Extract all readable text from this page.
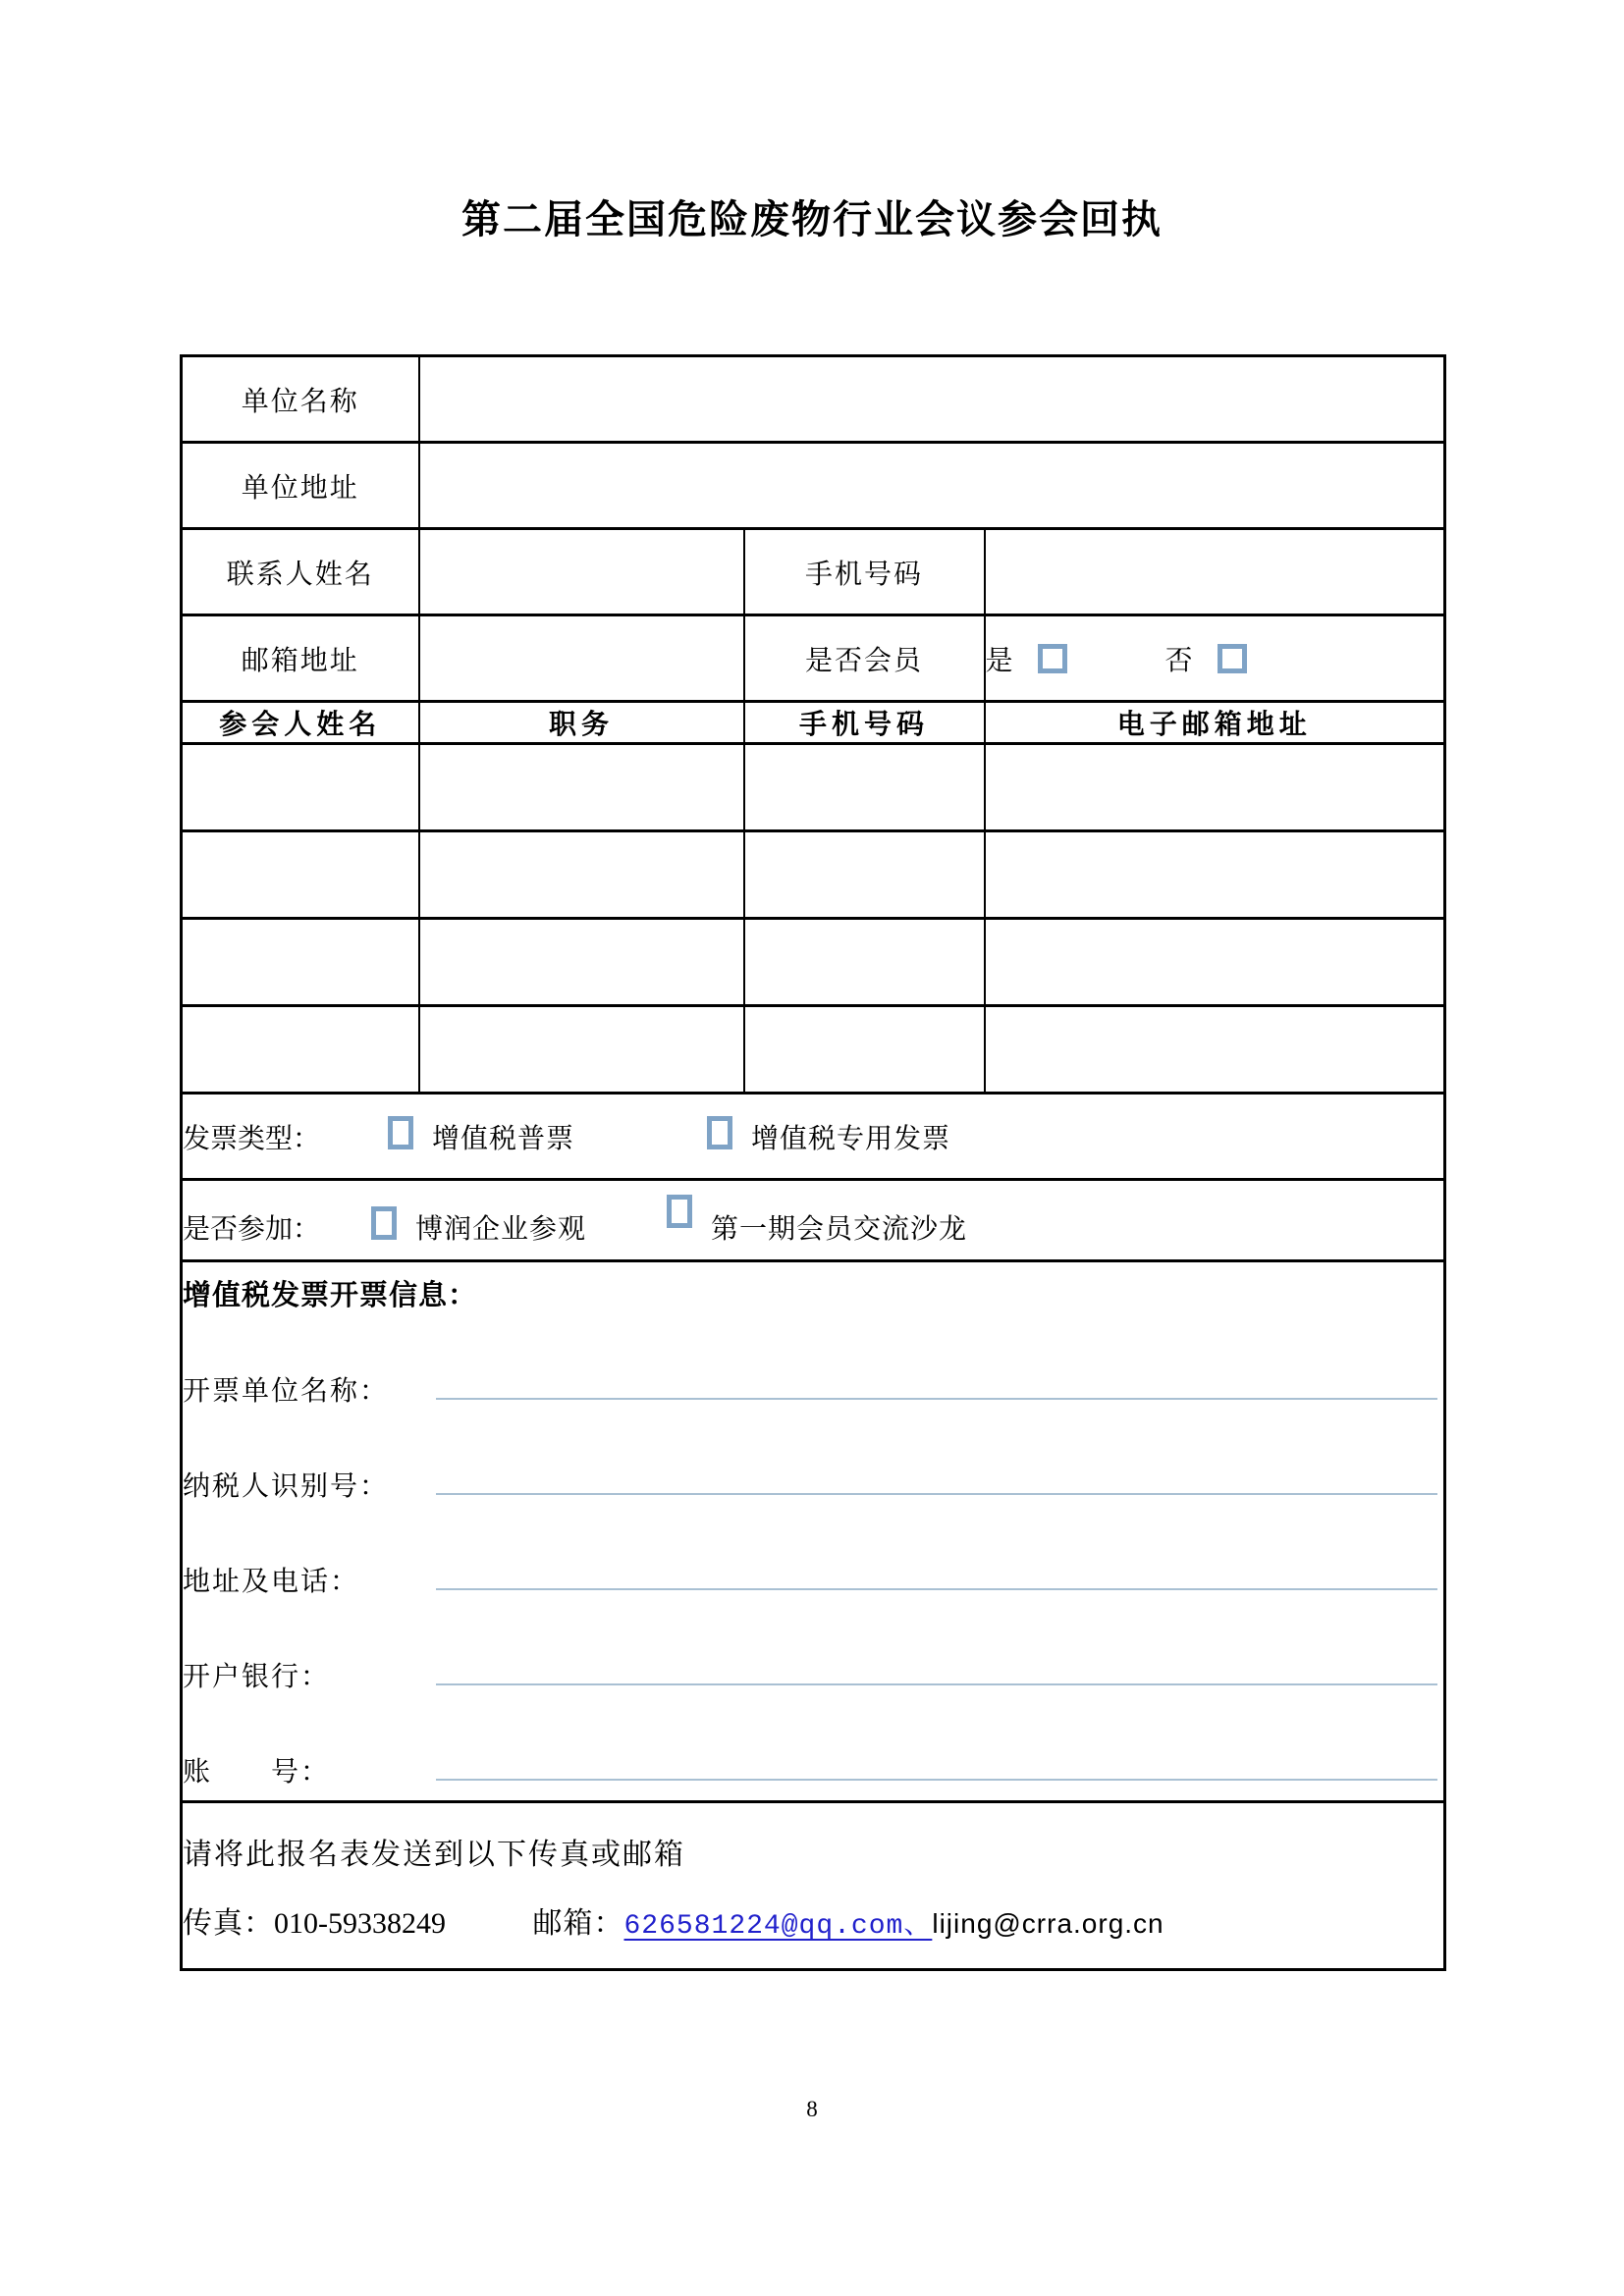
第二届全国危险废物行业会议参会回执
单位名称			
单位地址			
联系人姓名		手机号码	
邮箱地址		是否会员	是 否
参会人姓名	职务	手机号码	电子邮箱地址

发票类型： 增值税普票 增值税专用发票			
是否参加： 博润企业参观 第一期会员交流沙龙			

增值税发票开票信息：
开票单位名称：
纳税人识别号：
地址及电话：
开户银行：
账　　号：

请将此报名表发送到以下传真或邮箱
传真：010-59338249 邮箱：626581224@qq.com、lijing@crra.org.cn			
8
